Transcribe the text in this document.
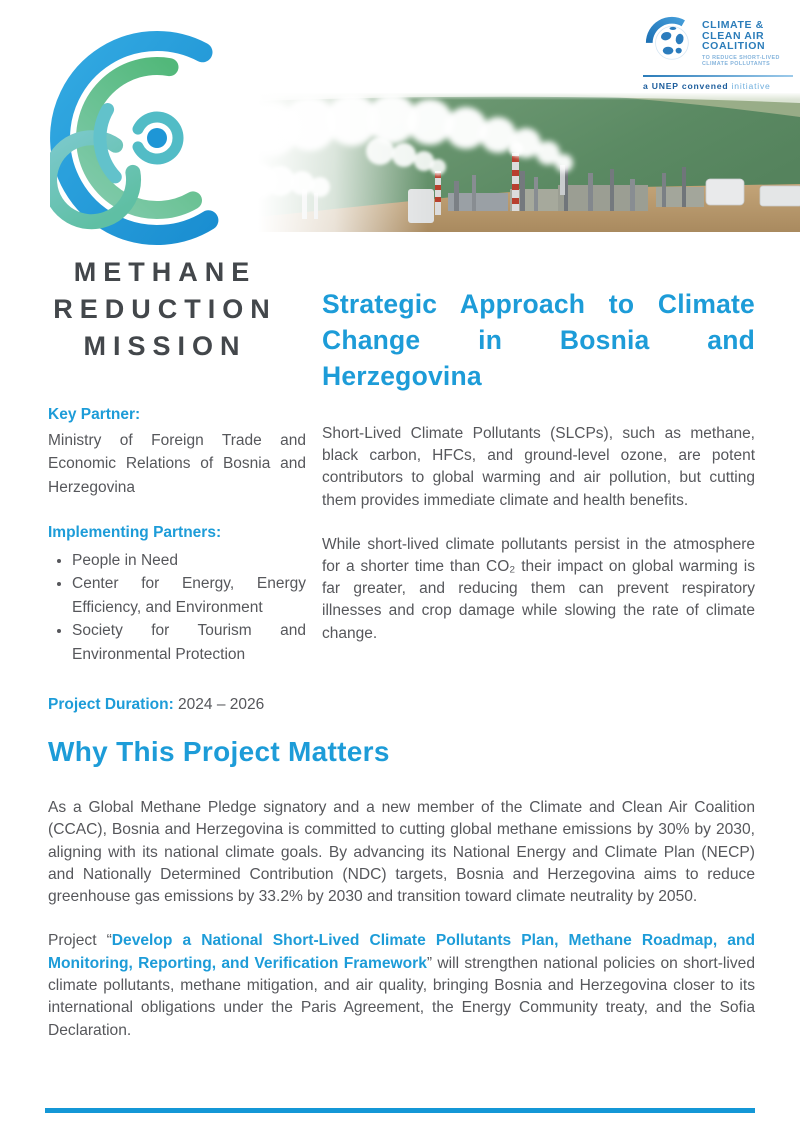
CLIMATE &
CLEAN AIR
COALITION
TO REDUCE SHORT-LIVED
CLIMATE POLLUTANTS
a UNEP convened initiative
METHANE
REDUCTION
MISSION
Key Partner:

Ministry of Foreign Trade and Economic Relations of Bosnia and Herzegovina

Implementing Partners:
• People in Need
• Center for Energy, Energy Efficiency, and Environment
• Society for Tourism and Environmental Protection

Project Duration: 2024 – 2026

Strategic Approach to Climate Change in Bosnia and Herzegovina

Short-Lived Climate Pollutants (SLCPs), such as methane, black carbon, HFCs, and ground-level ozone, are potent contributors to global warming and air pollution, but cutting them provides immediate climate and health benefits.

While short-lived climate pollutants persist in the atmosphere for a shorter time than CO₂ their impact on global warming is far greater, and reducing them can prevent respiratory illnesses and crop damage while slowing the rate of climate change.

Why This Project Matters

As a Global Methane Pledge signatory and a new member of the Climate and Clean Air Coalition (CCAC), Bosnia and Herzegovina is committed to cutting global methane emissions by 30% by 2030, aligning with its national climate goals. By advancing its National Energy and Climate Plan (NECP) and Nationally Determined Contribution (NDC) targets, Bosnia and Herzegovina aims to reduce greenhouse gas emissions by 33.2% by 2030 and transition toward climate neutrality by 2050.

Project “Develop a National Short-Lived Climate Pollutants Plan, Methane Roadmap, and Monitoring, Reporting, and Verification Framework” will strengthen national policies on short-lived climate pollutants, methane mitigation, and air quality, bringing Bosnia and Herzegovina closer to its international obligations under the Paris Agreement, the Energy Community treaty, and the Sofia Declaration.
